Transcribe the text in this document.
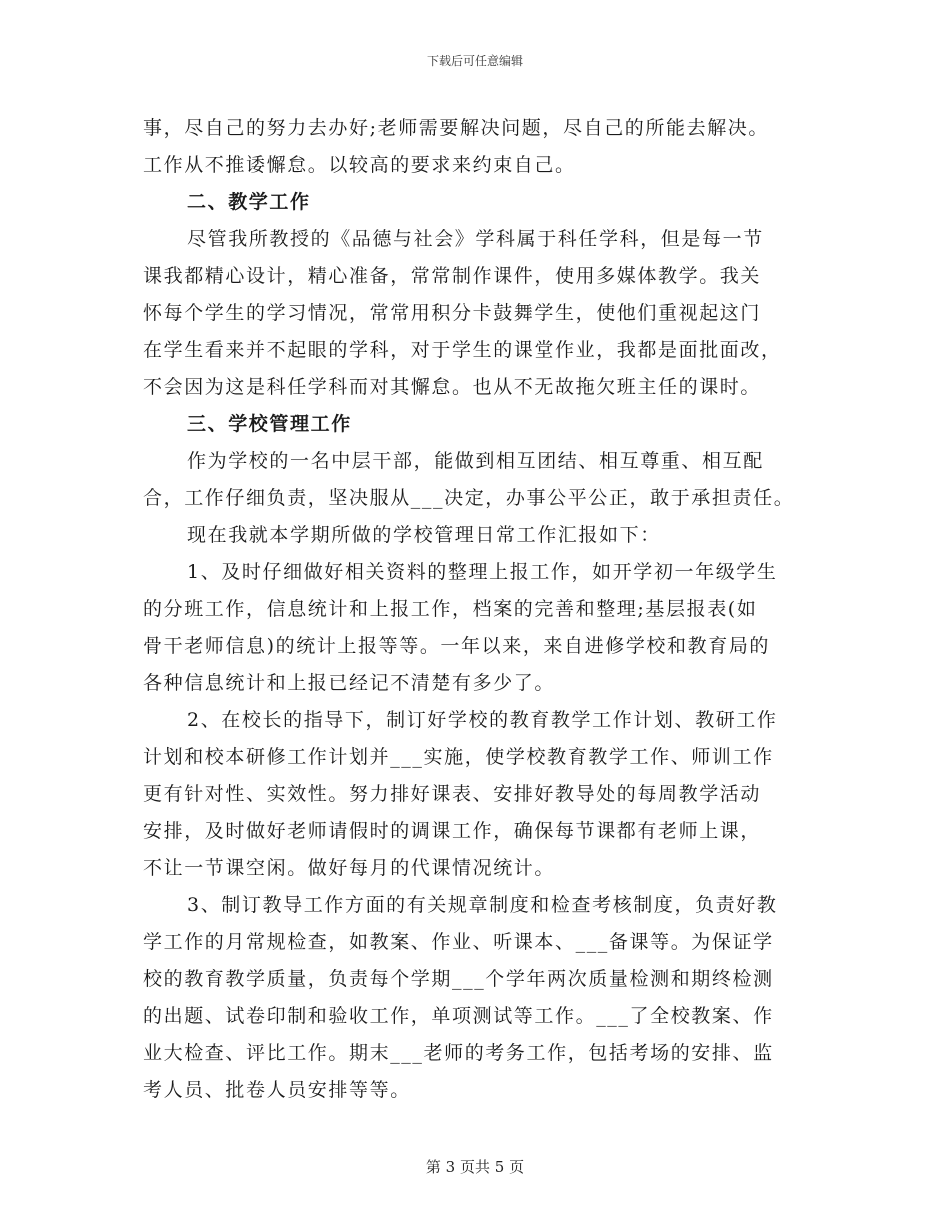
下载后可任意编辑
事，尽自己的努力去办好;老师需要解决问题，尽自己的所能去解决。
工作从不推诿懈怠。以较高的要求来约束自己。
二、教学工作
尽管我所教授的《品德与社会》学科属于科任学科，但是每一节
课我都精心设计，精心准备，常常制作课件，使用多媒体教学。我关
怀每个学生的学习情况，常常用积分卡鼓舞学生，使他们重视起这门
在学生看来并不起眼的学科，对于学生的课堂作业，我都是面批面改，
不会因为这是科任学科而对其懈怠。也从不无故拖欠班主任的课时。
三、学校管理工作
作为学校的一名中层干部，能做到相互团结、相互尊重、相互配
合，工作仔细负责，坚决服从___决定，办事公平公正，敢于承担责任。
现在我就本学期所做的学校管理日常工作汇报如下：
1、及时仔细做好相关资料的整理上报工作，如开学初一年级学生
的分班工作，信息统计和上报工作，档案的完善和整理;基层报表(如
骨干老师信息)的统计上报等等。一年以来，来自进修学校和教育局的
各种信息统计和上报已经记不清楚有多少了。
2、在校长的指导下，制订好学校的教育教学工作计划、教研工作
计划和校本研修工作计划并___实施，使学校教育教学工作、师训工作
更有针对性、实效性。努力排好课表、安排好教导处的每周教学活动
安排，及时做好老师请假时的调课工作，确保每节课都有老师上课，
不让一节课空闲。做好每月的代课情况统计。
3、制订教导工作方面的有关规章制度和检查考核制度，负责好教
学工作的月常规检查，如教案、作业、听课本、___备课等。为保证学
校的教育教学质量，负责每个学期___个学年两次质量检测和期终检测
的出题、试卷印制和验收工作，单项测试等工作。___了全校教案、作
业大检查、评比工作。期末___老师的考务工作，包括考场的安排、监
考人员、批卷人员安排等等。
第 3 页共 5 页
